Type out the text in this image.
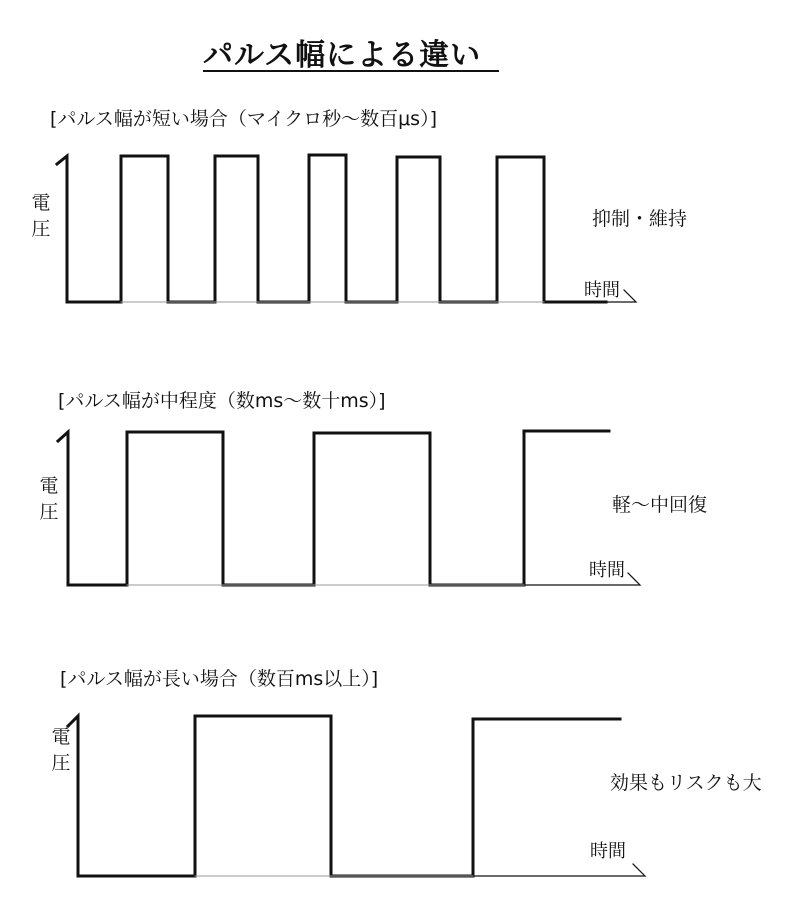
パルス幅による違い
[パルス幅が短い場合（マイクロ秒〜数百μs）]
電
圧
時間
抑制・維持
[パルス幅が中程度（数ms〜数十ms）]
電
圧
時間
軽〜中回復
[パルス幅が長い場合（数百ms以上）]
電
圧
時間
効果もリスクも大
